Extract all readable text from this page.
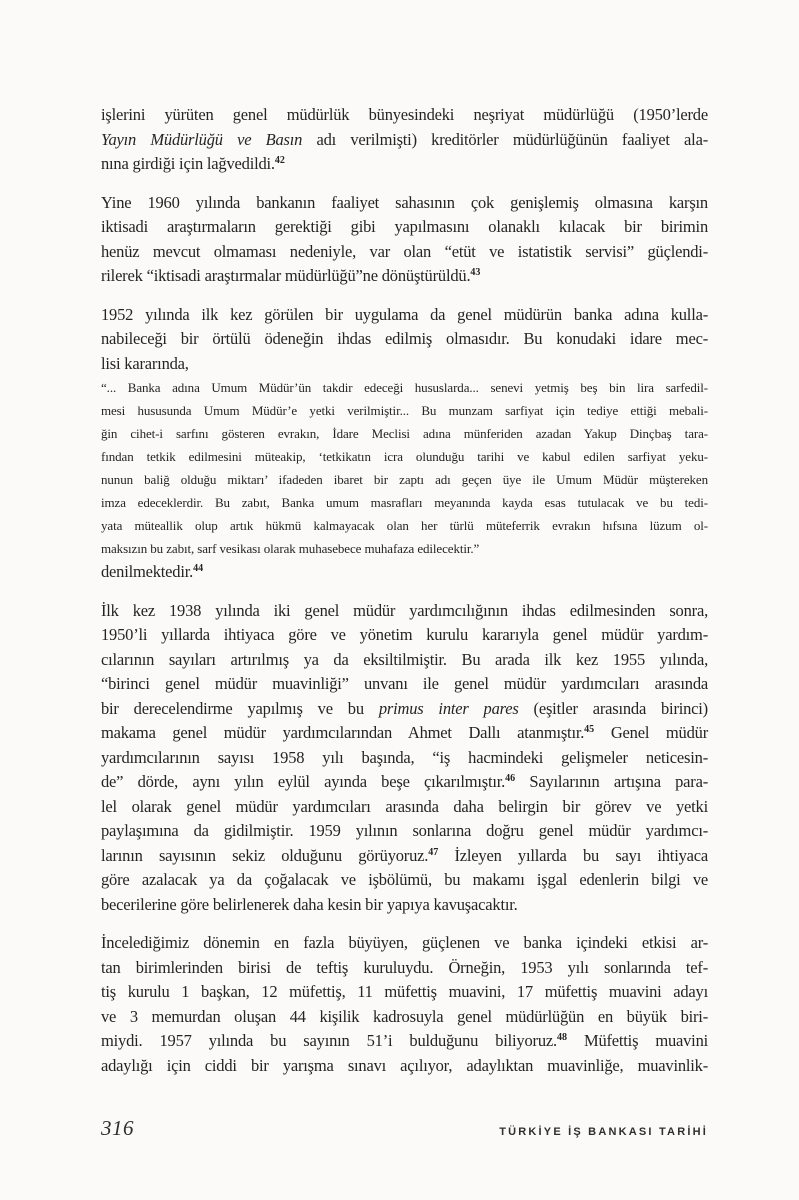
işlerini yürüten genel müdürlük bünyesindeki neşriyat müdürlüğü (1950’lerde
Yayın Müdürlüğü ve Basın adı verilmişti) kreditörler müdürlüğünün faaliyet ala-
nına girdiği için lağvedildi.$^{42}$
Yine 1960 yılında bankanın faaliyet sahasının çok genişlemiş olmasına karşın
iktisadi araştırmaların gerektiği gibi yapılmasını olanaklı kılacak bir birimin
henüz mevcut olmaması nedeniyle, var olan “etüt ve istatistik servisi” güçlendi-
rilerek “iktisadi araştırmalar müdürlüğü”ne dönüştürüldü.$^{43}$
1952 yılında ilk kez görülen bir uygulama da genel müdürün banka adına kulla-
nabileceği bir örtülü ödeneğin ihdas edilmiş olmasıdır. Bu konudaki idare mec-
lisi kararında,
“... Banka adına Umum Müdür’ün takdir edeceği hususlarda... senevi yetmiş beş bin lira sarfedil-
mesi hususunda Umum Müdür’e yetki verilmiştir... Bu munzam sarfiyat için tediye ettiği mebali-
ğin cihet-i sarfını gösteren evrakın, İdare Meclisi adına münferiden azadan Yakup Dinçbaş tara-
fından tetkik edilmesini müteakip, ‘tetkikatın icra olunduğu tarihi ve kabul edilen sarfiyat yeku-
nunun baliğ olduğu miktarı’ ifadeden ibaret bir zaptı adı geçen üye ile Umum Müdür müştereken
imza edeceklerdir. Bu zabıt, Banka umum masrafları meyanında kayda esas tutulacak ve bu tedi-
yata müteallik olup artık hükmü kalmayacak olan her türlü müteferrik evrakın hıfsına lüzum ol-
maksızın bu zabıt, sarf vesikası olarak muhasebece muhafaza edilecektir.”
denilmektedir.$^{44}$
İlk kez 1938 yılında iki genel müdür yardımcılığının ihdas edilmesinden sonra,
1950’li yıllarda ihtiyaca göre ve yönetim kurulu kararıyla genel müdür yardım-
cılarının sayıları artırılmış ya da eksiltilmiştir. Bu arada ilk kez 1955 yılında,
“birinci genel müdür muavinliği” unvanı ile genel müdür yardımcıları arasında
bir derecelendirme yapılmış ve bu primus inter pares (eşitler arasında birinci)
makama genel müdür yardımcılarından Ahmet Dallı atanmıştır.$^{45}$ Genel müdür
yardımcılarının sayısı 1958 yılı başında, “iş hacmindeki gelişmeler neticesin-
de” dörde, aynı yılın eylül ayında beşe çıkarılmıştır.$^{46}$ Sayılarının artışına para-
lel olarak genel müdür yardımcıları arasında daha belirgin bir görev ve yetki
paylaşımına da gidilmiştir. 1959 yılının sonlarına doğru genel müdür yardımcı-
larının sayısının sekiz olduğunu görüyoruz.$^{47}$ İzleyen yıllarda bu sayı ihtiyaca
göre azalacak ya da çoğalacak ve işbölümü, bu makamı işgal edenlerin bilgi ve
becerilerine göre belirlenerek daha kesin bir yapıya kavuşacaktır.
İncelediğimiz dönemin en fazla büyüyen, güçlenen ve banka içindeki etkisi ar-
tan birimlerinden birisi de teftiş kuruluydu. Örneğin, 1953 yılı sonlarında tef-
tiş kurulu 1 başkan, 12 müfettiş, 11 müfettiş muavini, 17 müfettiş muavini adayı
ve 3 memurdan oluşan 44 kişilik kadrosuyla genel müdürlüğün en büyük biri-
miydi. 1957 yılında bu sayının 51’i bulduğunu biliyoruz.$^{48}$ Müfettiş muavini
adaylığı için ciddi bir yarışma sınavı açılıyor, adaylıktan muavinliğe, muavinlik-
316	TÜRKİYE İŞ BANKASI TARİHİ
